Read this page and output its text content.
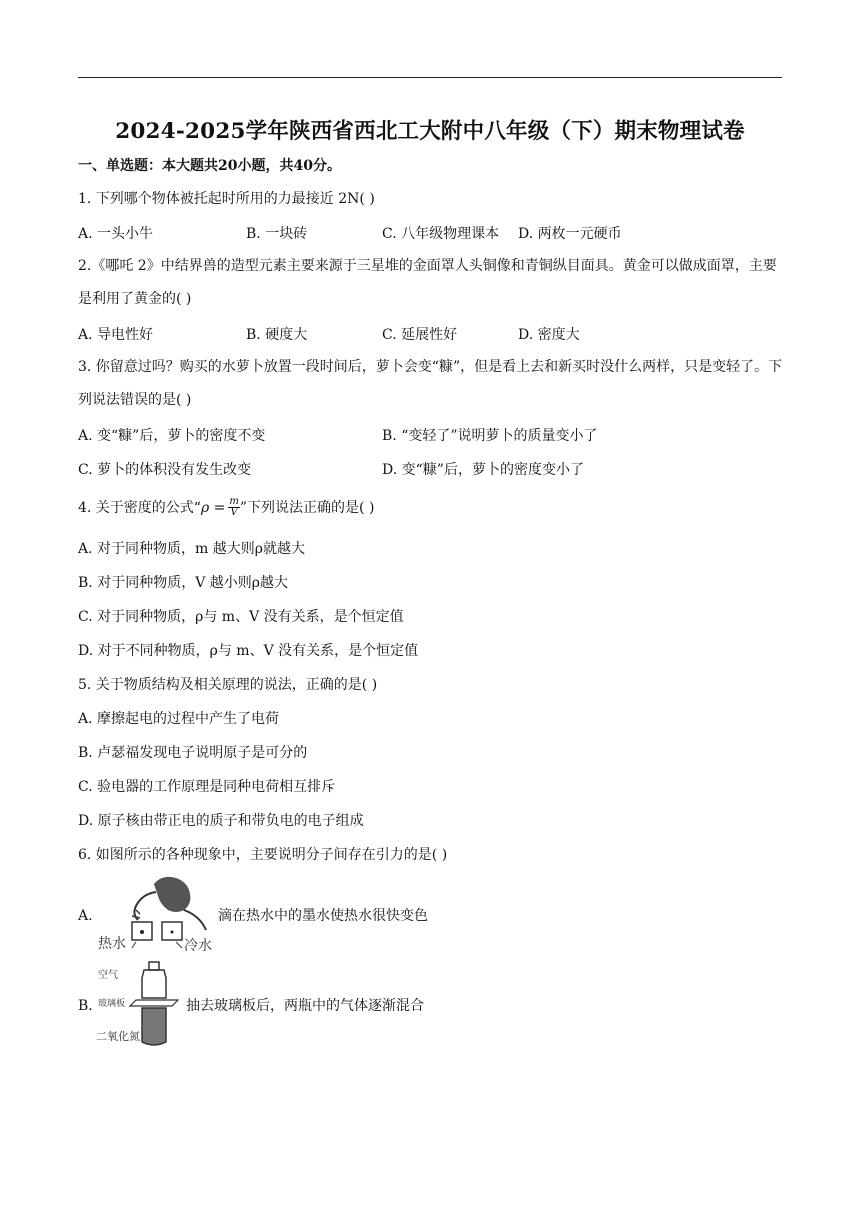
2024-2025学年陕西省西北工大附中八年级（下）期末物理试卷
一、单选题：本大题共20小题，共40分。
1. 下列哪个物体被托起时所用的力最接近 2N( )
A. 一头小牛	B. 一块砖	C. 八年级物理课本 D. 两枚一元硬币
2.《哪吒 2》中结界兽的造型元素主要来源于三星堆的金面罩人头铜像和青铜纵目面具。黄金可以做成面罩，主要是利用了黄金的( )
A. 导电性好	B. 硬度大	C. 延展性好	D. 密度大
3. 你留意过吗？购买的水萝卜放置一段时间后，萝卜会变“糠”，但是看上去和新买时没什么两样，只是变轻了。下列说法错误的是( )
A. 变“糠”后，萝卜的密度不变	B. “变轻了”说明萝卜的质量变小了
C. 萝卜的体积没有发生改变	D. 变“糠”后，萝卜的密度变小了
4. 关于密度的公式“ $\rho = \frac{m}{V}$ ”下列说法正确的是( )
A. 对于同种物质，m 越大则ρ就越大
B. 对于同种物质，V 越小则ρ越大
C. 对于同种物质，ρ与 m、V 没有关系，是个恒定值
D. 对于不同种物质，ρ与 m、V 没有关系，是个恒定值
5. 关于物质结构及相关原理的说法，正确的是( )
A. 摩擦起电的过程中产生了电荷
B. 卢瑟福发现电子说明原子是可分的
C. 验电器的工作原理是同种电荷相互排斥
D. 原子核由带正电的质子和带负电的电子组成
6. 如图所示的各种现象中，主要说明分子间存在引力的是( )
A.
热水	冷水
滴在热水中的墨水使热水很快变色
B.
空气
玻璃板
二氧化氮
抽去玻璃板后，两瓶中的气体逐渐混合
